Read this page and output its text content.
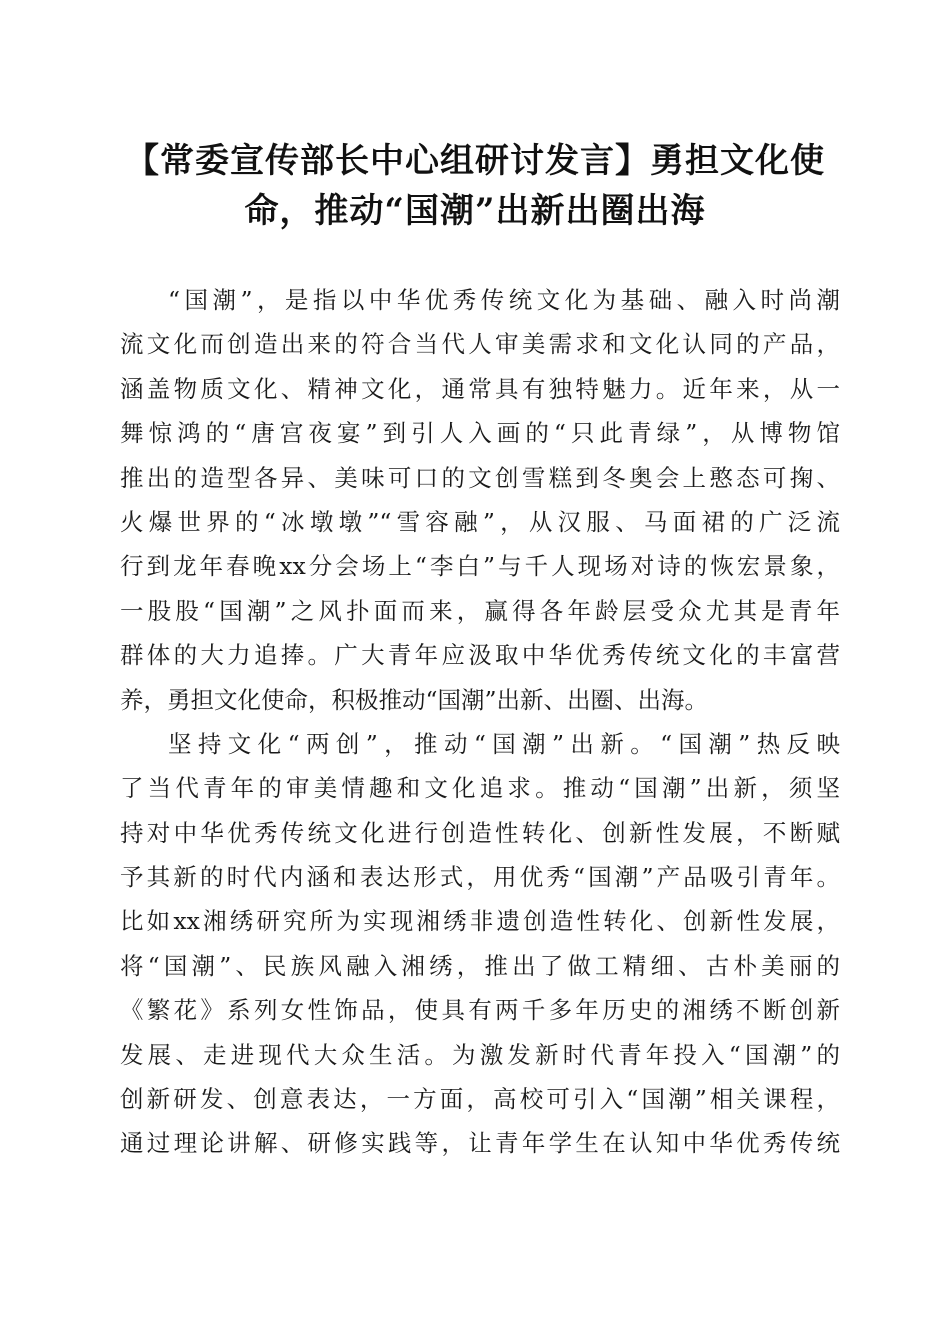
【常委宣传部长中心组研讨发言】勇担文化使
命，推动“国潮”出新出圈出海
“国潮”，是指以中华优秀传统文化为基础、融入时尚潮
流文化而创造出来的符合当代人审美需求和文化认同的产品，
涵盖物质文化、精神文化，通常具有独特魅力。近年来，从一
舞惊鸿的“唐宫夜宴”到引人入画的“只此青绿”，从博物馆
推出的造型各异、美味可口的文创雪糕到冬奥会上憨态可掬、
火爆世界的“冰墩墩”“雪容融”，从汉服、马面裙的广泛流
行到龙年春晚xx分会场上“李白”与千人现场对诗的恢宏景象，
一股股“国潮”之风扑面而来，赢得各年龄层受众尤其是青年
群体的大力追捧。广大青年应汲取中华优秀传统文化的丰富营
养，勇担文化使命，积极推动“国潮”出新、出圈、出海。
坚持文化“两创”，推动“国潮”出新。“国潮”热反映
了当代青年的审美情趣和文化追求。推动“国潮”出新，须坚
持对中华优秀传统文化进行创造性转化、创新性发展，不断赋
予其新的时代内涵和表达形式，用优秀“国潮”产品吸引青年。
比如xx湘绣研究所为实现湘绣非遗创造性转化、创新性发展，
将“国潮”、民族风融入湘绣，推出了做工精细、古朴美丽的
《繁花》系列女性饰品，使具有两千多年历史的湘绣不断创新
发展、走进现代大众生活。为激发新时代青年投入“国潮”的
创新研发、创意表达，一方面，高校可引入“国潮”相关课程，
通过理论讲解、研修实践等，让青年学生在认知中华优秀传统
